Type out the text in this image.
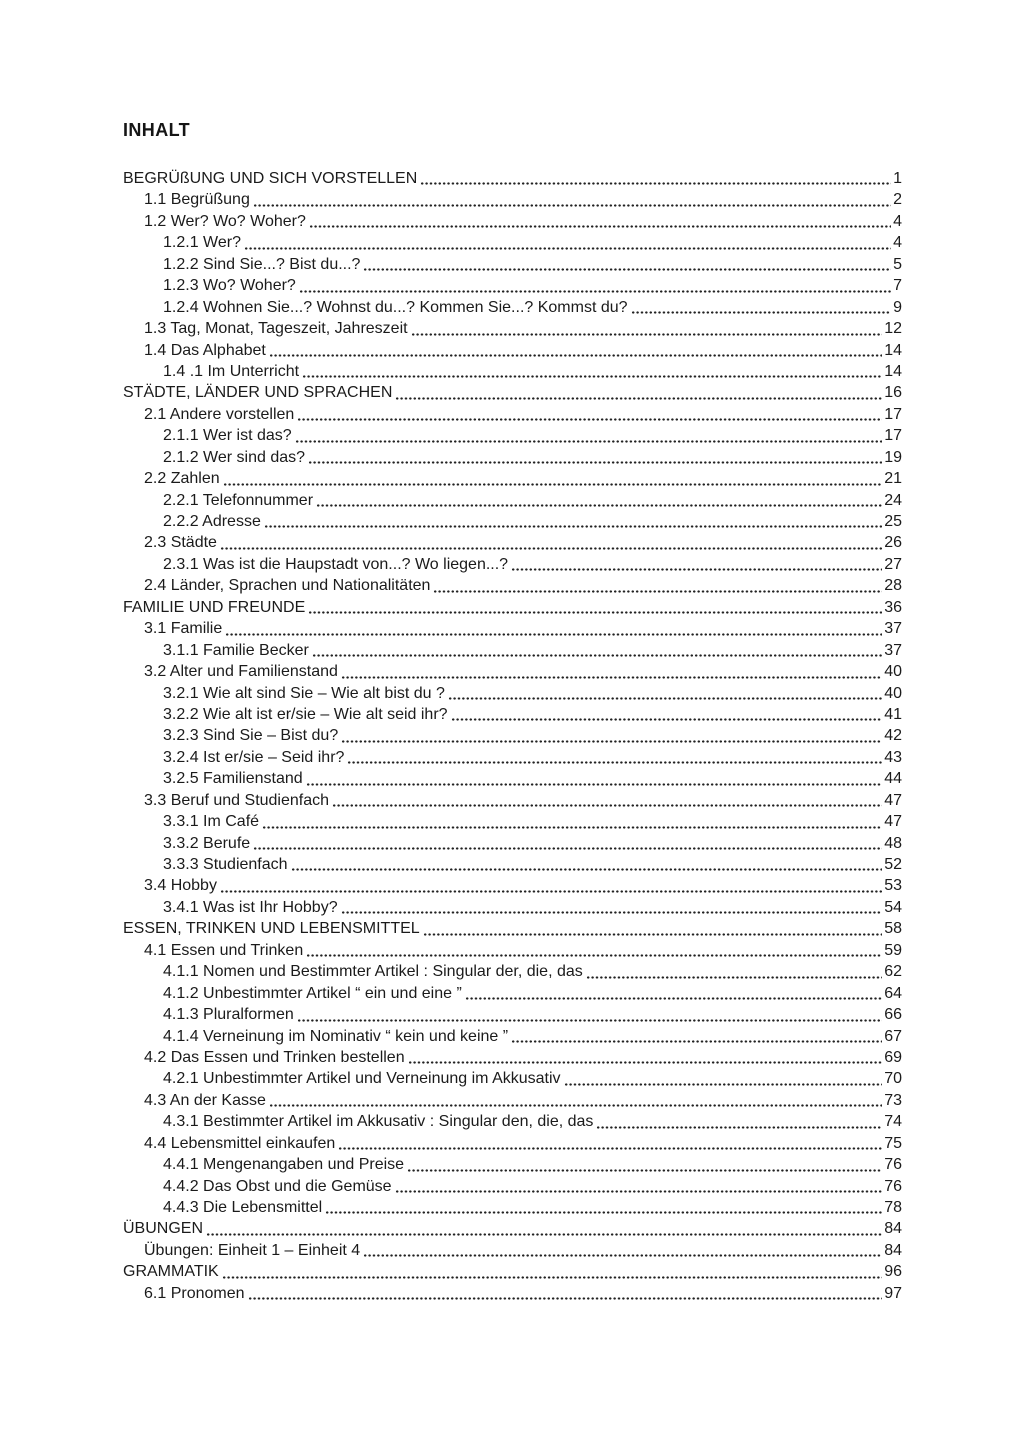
INHALT
BEGRÜßUNG UND SICH VORSTELLEN	1
1.1 Begrüßung	2
1.2 Wer? Wo? Woher?	4
1.2.1 Wer?	4
1.2.2 Sind Sie...? Bist du...?	5
1.2.3 Wo? Woher?	7
1.2.4 Wohnen Sie...? Wohnst du...? Kommen Sie...? Kommst du?	9
1.3 Tag, Monat, Tageszeit, Jahreszeit	12
1.4 Das Alphabet	14
1.4 .1 Im Unterricht	14
STÄDTE, LÄNDER UND SPRACHEN	16
2.1 Andere vorstellen	17
2.1.1 Wer ist das?	17
2.1.2 Wer sind das?	19
2.2 Zahlen	21
2.2.1 Telefonnummer	24
2.2.2 Adresse	25
2.3 Städte	26
2.3.1 Was ist die Haupstadt von...? Wo liegen...?	27
2.4 Länder, Sprachen und Nationalitäten	28
FAMILIE UND FREUNDE	36
3.1 Familie	37
3.1.1 Familie Becker	37
3.2 Alter und Familienstand	40
3.2.1 Wie alt sind Sie – Wie alt bist du ?	40
3.2.2 Wie alt ist er/sie – Wie alt seid ihr?	41
3.2.3 Sind Sie – Bist du?	42
3.2.4 Ist er/sie – Seid ihr?	43
3.2.5 Familienstand	44
3.3 Beruf und Studienfach	47
3.3.1 Im Café	47
3.3.2 Berufe	48
3.3.3 Studienfach	52
3.4 Hobby	53
3.4.1 Was ist Ihr Hobby?	54
ESSEN, TRINKEN UND LEBENSMITTEL	58
4.1 Essen und Trinken	59
4.1.1 Nomen und Bestimmter Artikel : Singular der, die, das	62
4.1.2 Unbestimmter Artikel “ ein und eine ”	64
4.1.3 Pluralformen	66
4.1.4 Verneinung im Nominativ “ kein und keine ”	67
4.2 Das Essen und Trinken bestellen	69
4.2.1 Unbestimmter Artikel und Verneinung im Akkusativ	70
4.3 An der Kasse	73
4.3.1 Bestimmter Artikel im Akkusativ : Singular den, die, das	74
4.4 Lebensmittel einkaufen	75
4.4.1 Mengenangaben und Preise	76
4.4.2 Das Obst und die Gemüse	76
4.4.3 Die Lebensmittel	78
ÜBUNGEN	84
Übungen: Einheit 1 – Einheit 4	84
GRAMMATIK	96
6.1 Pronomen	97
